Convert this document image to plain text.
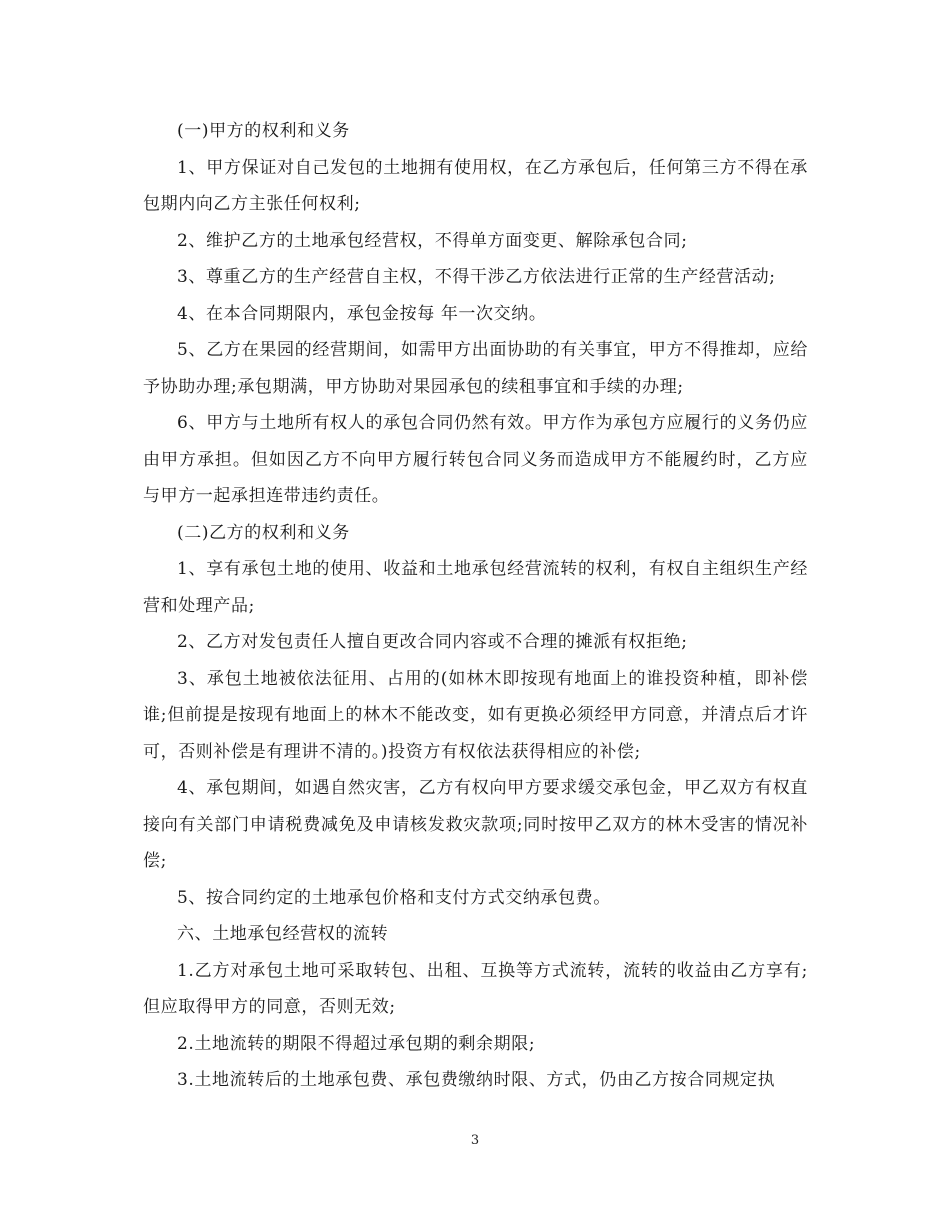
(一)甲方的权利和义务

1、甲方保证对自己发包的土地拥有使用权，在乙方承包后，任何第三方不得在承包期内向乙方主张任何权利;

2、维护乙方的土地承包经营权，不得单方面变更、解除承包合同;

3、尊重乙方的生产经营自主权，不得干涉乙方依法进行正常的生产经营活动;

4、在本合同期限内，承包金按每 年一次交纳。

5、乙方在果园的经营期间，如需甲方出面协助的有关事宜，甲方不得推却，应给予协助办理;承包期满，甲方协助对果园承包的续租事宜和手续的办理;

6、甲方与土地所有权人的承包合同仍然有效。甲方作为承包方应履行的义务仍应由甲方承担。但如因乙方不向甲方履行转包合同义务而造成甲方不能履约时，乙方应与甲方一起承担连带违约责任。

(二)乙方的权利和义务

1、享有承包土地的使用、收益和土地承包经营流转的权利，有权自主组织生产经营和处理产品;

2、乙方对发包责任人擅自更改合同内容或不合理的摊派有权拒绝;

3、承包土地被依法征用、占用的(如林木即按现有地面上的谁投资种植，即补偿谁;但前提是按现有地面上的林木不能改变，如有更换必须经甲方同意，并清点后才许可，否则补偿是有理讲不清的。)投资方有权依法获得相应的补偿;

4、承包期间，如遇自然灾害，乙方有权向甲方要求缓交承包金，甲乙双方有权直接向有关部门申请税费减免及申请核发救灾款项;同时按甲乙双方的林木受害的情况补偿;

5、按合同约定的土地承包价格和支付方式交纳承包费。

六、土地承包经营权的流转

1.乙方对承包土地可采取转包、出租、互换等方式流转，流转的收益由乙方享有;但应取得甲方的同意，否则无效;

2.土地流转的期限不得超过承包期的剩余期限;

3.土地流转后的土地承包费、承包费缴纳时限、方式，仍由乙方按合同规定执

3
